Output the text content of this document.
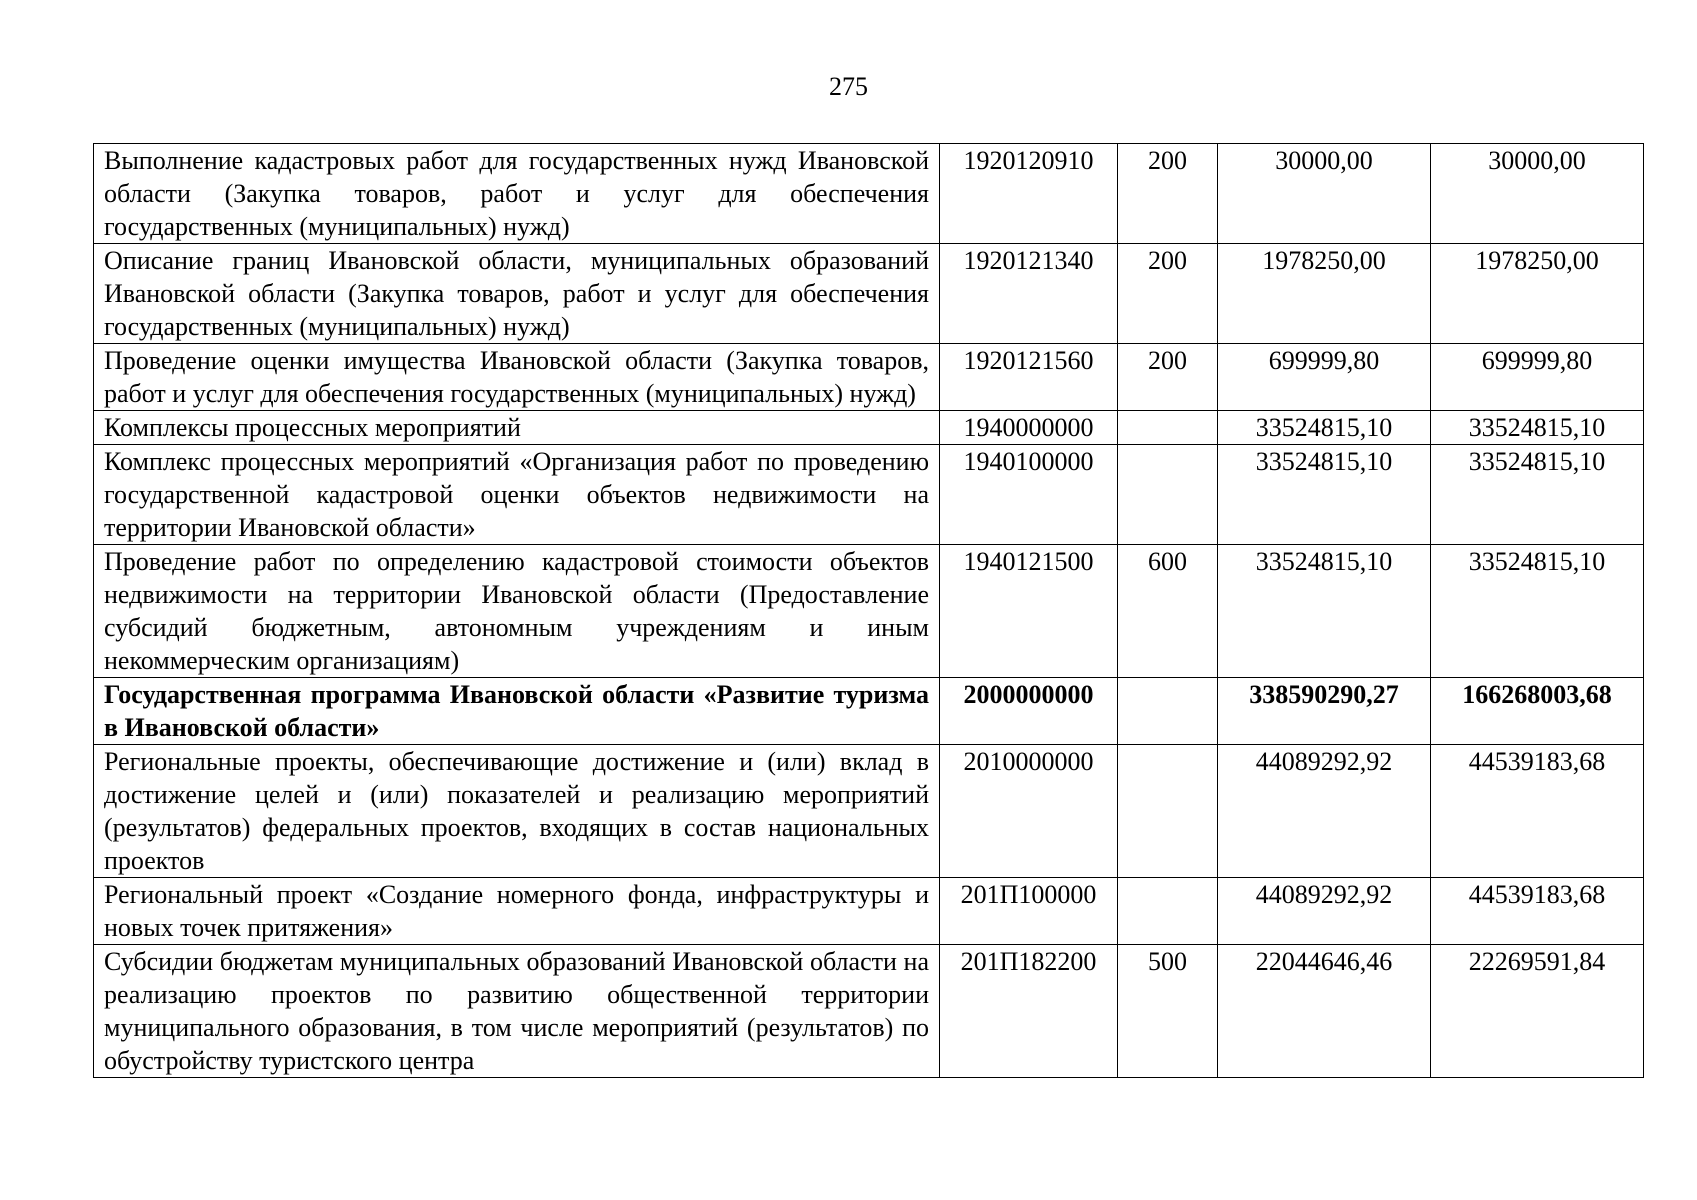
275
Выполнение кадастровых работ для государственных нужд Ивановской области (Закупка товаров, работ и услуг для обеспечения государственных (муниципальных) нужд)	1920120910	200	30000,00	30000,00
Описание границ Ивановской области, муниципальных образований Ивановской области (Закупка товаров, работ и услуг для обеспечения государственных (муниципальных) нужд)	1920121340	200	1978250,00	1978250,00
Проведение оценки имущества Ивановской области (Закупка товаров, работ и услуг для обеспечения государственных (муниципальных) нужд)	1920121560	200	699999,80	699999,80
Комплексы процессных мероприятий	1940000000		33524815,10	33524815,10
Комплекс процессных мероприятий «Организация работ по проведению государственной кадастровой оценки объектов недвижимости на территории Ивановской области»	1940100000		33524815,10	33524815,10
Проведение работ по определению кадастровой стоимости объектов недвижимости на территории Ивановской области (Предоставление субсидий бюджетным, автономным учреждениям и иным некоммерческим организациям)	1940121500	600	33524815,10	33524815,10
Государственная программа Ивановской области «Развитие туризма в Ивановской области»	2000000000		338590290,27	166268003,68
Региональные проекты, обеспечивающие достижение и (или) вклад в достижение целей и (или) показателей и реализацию мероприятий (результатов) федеральных проектов, входящих в состав национальных проектов	2010000000		44089292,92	44539183,68
Региональный проект «Создание номерного фонда, инфраструктуры и новых точек притяжения»	201П100000		44089292,92	44539183,68
Субсидии бюджетам муниципальных образований Ивановской области на реализацию проектов по развитию общественной территории муниципального образования, в том числе мероприятий (результатов) по обустройству туристского центра	201П182200	500	22044646,46	22269591,84
